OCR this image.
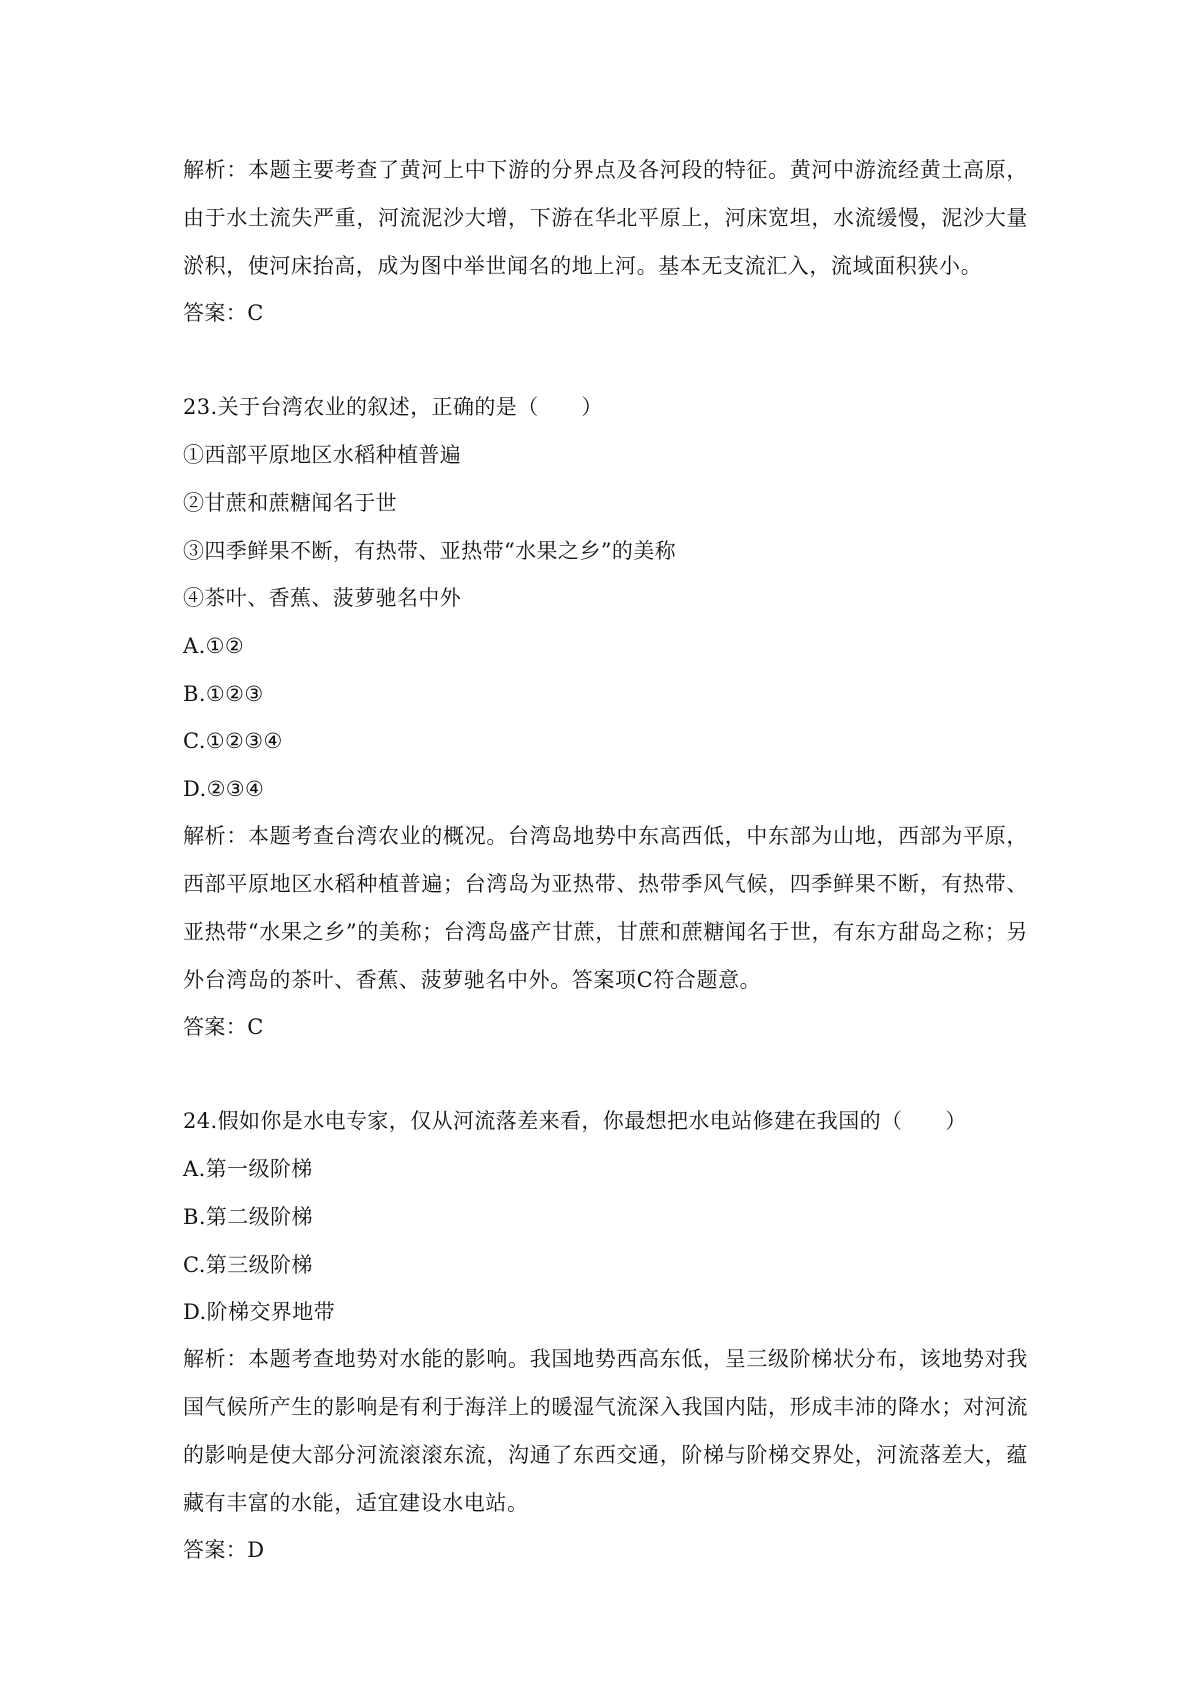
解析：本题主要考查了黄河上中下游的分界点及各河段的特征。黄河中游流经黄土高原，由于水土流失严重，河流泥沙大增，下游在华北平原上，河床宽坦，水流缓慢，泥沙大量淤积，使河床抬高，成为图中举世闻名的地上河。基本无支流汇入，流域面积狭小。
答案：C
23.关于台湾农业的叙述，正确的是（　　）
①西部平原地区水稻种植普遍
②甘蔗和蔗糖闻名于世
③四季鲜果不断，有热带、亚热带“水果之乡”的美称
④茶叶、香蕉、菠萝驰名中外
A.①②
B.①②③
C.①②③④
D.②③④
解析：本题考查台湾农业的概况。台湾岛地势中东高西低，中东部为山地，西部为平原，西部平原地区水稻种植普遍；台湾岛为亚热带、热带季风气候，四季鲜果不断，有热带、亚热带“水果之乡”的美称；台湾岛盛产甘蔗，甘蔗和蔗糖闻名于世，有东方甜岛之称；另外台湾岛的茶叶、香蕉、菠萝驰名中外。答案项C符合题意。
答案：C
24.假如你是水电专家，仅从河流落差来看，你最想把水电站修建在我国的（　　）
A.第一级阶梯
B.第二级阶梯
C.第三级阶梯
D.阶梯交界地带
解析：本题考查地势对水能的影响。我国地势西高东低，呈三级阶梯状分布，该地势对我国气候所产生的影响是有利于海洋上的暖湿气流深入我国内陆，形成丰沛的降水；对河流的影响是使大部分河流滚滚东流，沟通了东西交通，阶梯与阶梯交界处，河流落差大，蕴藏有丰富的水能，适宜建设水电站。
答案：D
